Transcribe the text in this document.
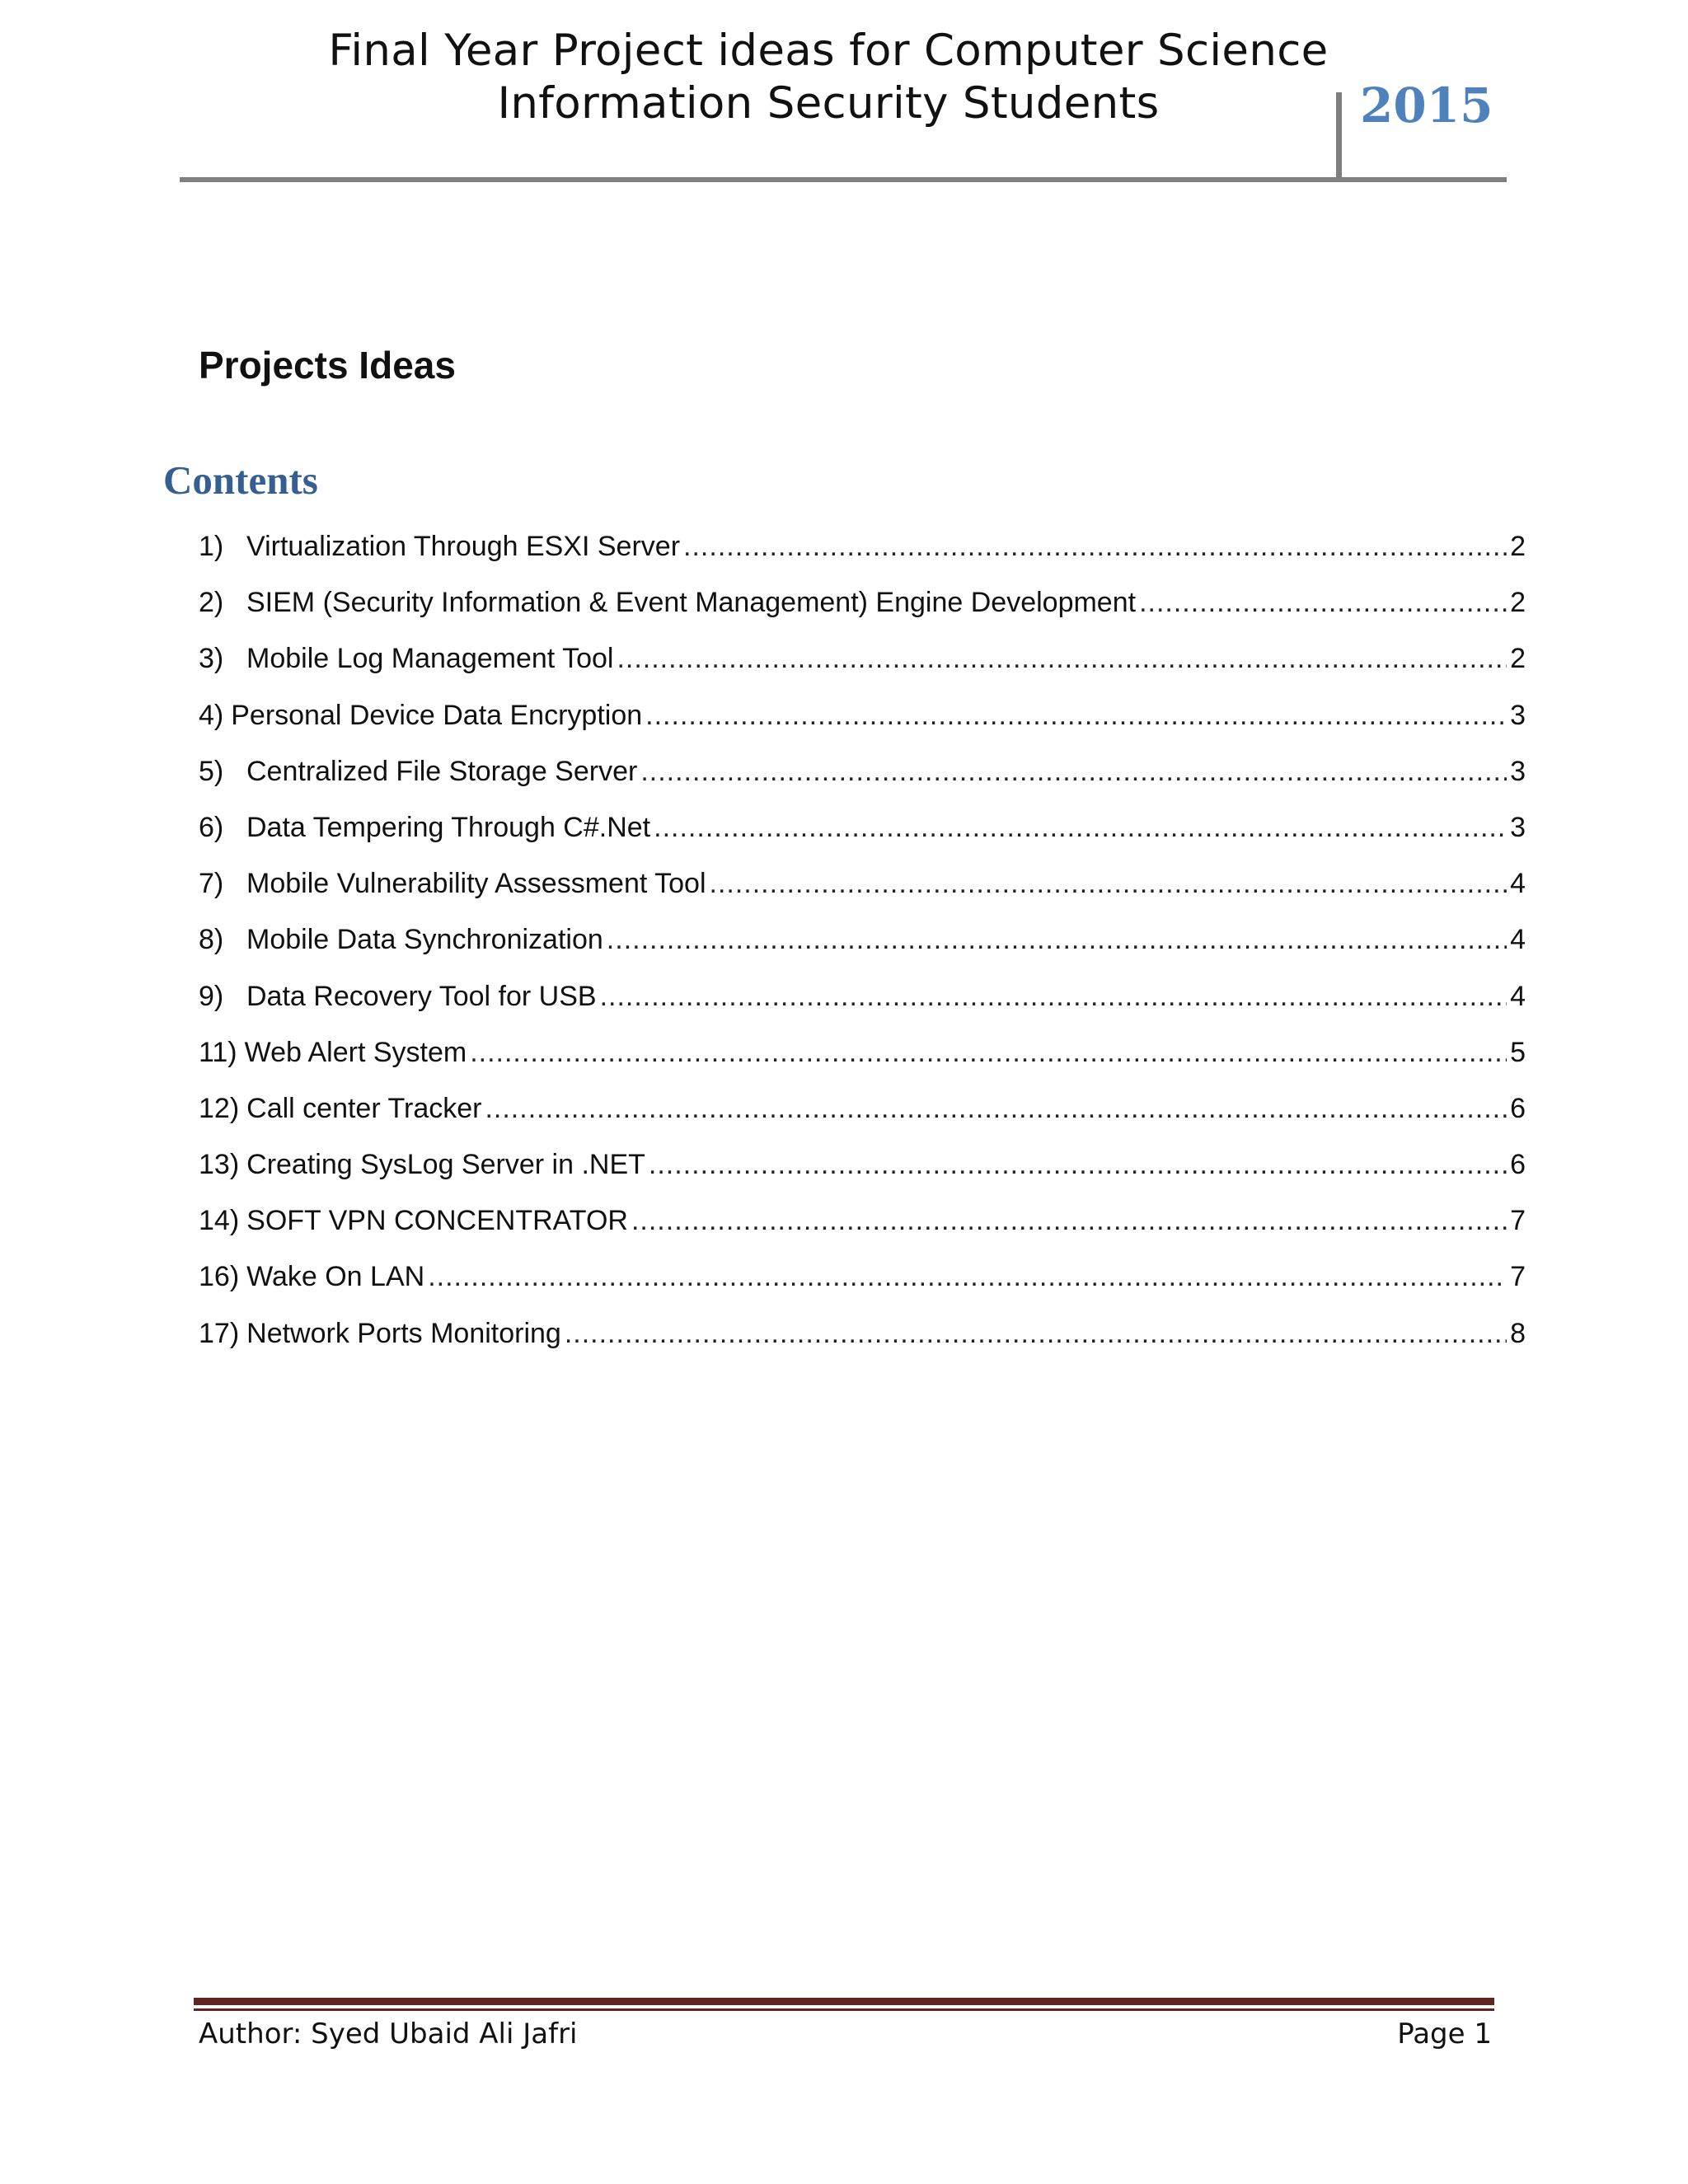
Final Year Project ideas for Computer Science
Information Security Students	2015
Projects Ideas
Contents
1) Virtualization Through ESXI Server .....	2
2) SIEM (Security Information & Event Management) Engine Development .....	2
3) Mobile Log Management Tool .....	2
4) Personal Device Data Encryption .....	3
5) Centralized File Storage Server .....	3
6) Data Tempering Through C#.Net .....	3
7) Mobile Vulnerability Assessment Tool .....	4
8) Mobile Data Synchronization .....	4
9) Data Recovery Tool for USB .....	4
11) Web Alert System .....	5
12) Call center Tracker .....	6
13) Creating SysLog Server in .NET .....	6
14) SOFT VPN CONCENTRATOR .....	7
16) Wake On LAN .....	7
17) Network Ports Monitoring .....	8
Author: Syed Ubaid Ali Jafri	Page 1
